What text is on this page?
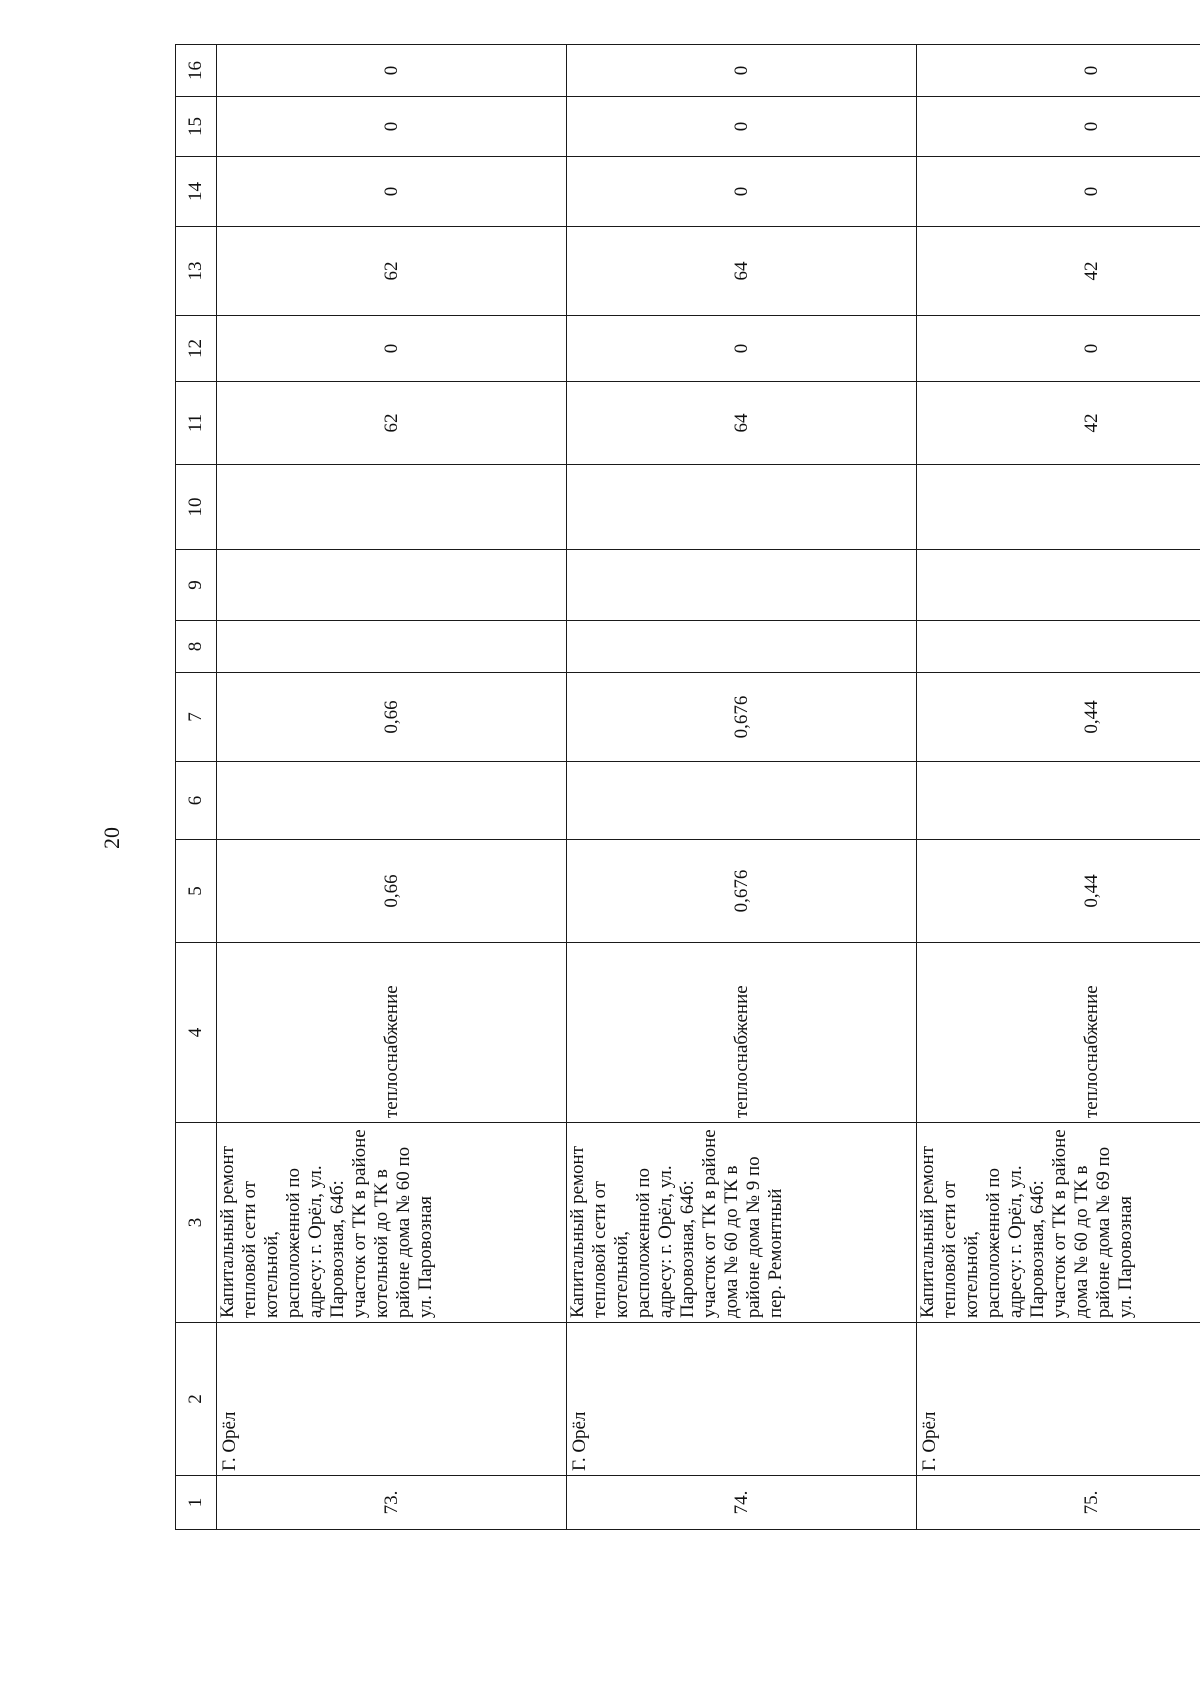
20
1	2	3	4	5	6	7	8	9	10	11	12	13	14	15	16
73.	Г. Орёл	Капитальный ремонт тепловой сети от котельной, расположенной по адресу: г. Орёл, ул. Паровозная, 64б: участок от ТК в районе котельной до ТК в районе дома № 60 по ул. Паровозная	теплоснабжение	0,66		0,66				62	0	62	0	0	0
74.	Г. Орёл	Капитальный ремонт тепловой сети от котельной, расположенной по адресу: г. Орёл, ул. Паровозная, 64б: участок от ТК в районе дома № 60 до ТК в районе дома № 9 по пер. Ремонтный	теплоснабжение	0,676		0,676				64	0	64	0	0	0
75.	Г. Орёл	Капитальный ремонт тепловой сети от котельной, расположенной по адресу: г. Орёл, ул. Паровозная, 64б: участок от ТК в районе дома № 60 до ТК в районе дома № 69 по ул. Паровозная	теплоснабжение	0,44		0,44				42	0	42	0	0	0
